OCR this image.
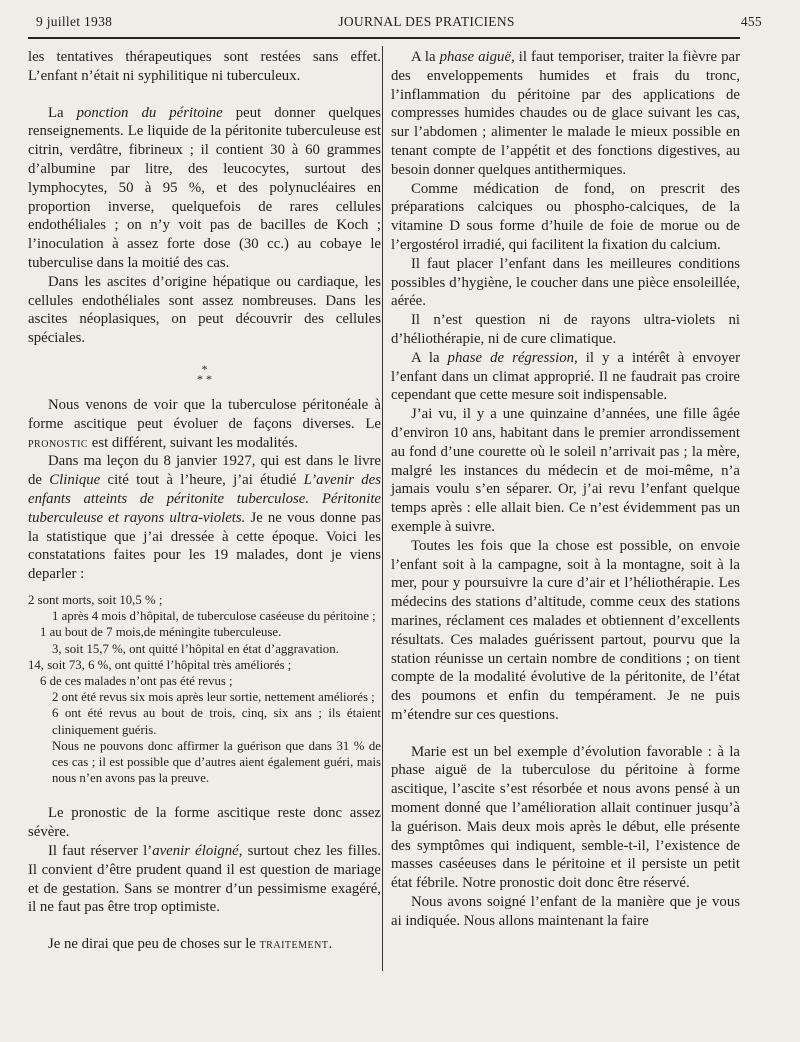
9 juillet 1938	JOURNAL DES PRATICIENS	455

les tentatives thérapeutiques sont restées sans effet. L’enfant n’était ni syphilitique ni tuberculeux.

La ponction du péritoine peut donner quelques renseignements. Le liquide de la péritonite tuberculeuse est citrin, verdâtre, fibrineux ; il contient 30 à 60 grammes d’albumine par litre, des leucocytes, surtout des lymphocytes, 50 à 95 %, et des polynucléaires en proportion inverse, quelquefois de rares cellules endothéliales ; on n’y voit pas de bacilles de Koch ; l’inoculation à assez forte dose (30 cc.) au cobaye le tuberculise dans la moitié des cas.

Dans les ascites d’origine hépatique ou cardiaque, les cellules endothéliales sont assez nombreuses. Dans les ascites néoplasiques, on peut découvrir des cellules spéciales.

*
* *

Nous venons de voir que la tuberculose péritonéale à forme ascitique peut évoluer de façons diverses. Le pronostic est différent, suivant les modalités.

Dans ma leçon du 8 janvier 1927, qui est dans le livre de Clinique cité tout à l’heure, j’ai étudié L’avenir des enfants atteints de péritonite tuberculose. Péritonite tuberculeuse et rayons ultra-violets. Je ne vous donne pas la statistique que j’ai dressée à cette époque. Voici les constatations faites pour les 19 malades, dont je viens deparler :

2 sont morts, soit 10,5 % ;

1 après 4 mois d’hôpital, de tuberculose caséeuse du péritoine ;

1 au bout de 7 mois,de méningite tuberculeuse.

3, soit 15,7 %, ont quitté l’hôpital en état d’aggravation.

14, soit 73, 6 %, ont quitté l’hôpital très améliorés ;

6 de ces malades n’ont pas été revus ;

2 ont été revus six mois après leur sortie, nettement améliorés ;

6 ont été revus au bout de trois, cinq, six ans ; ils étaient cliniquement guéris.

Nous ne pouvons donc affirmer la guérison que dans 31 % de ces cas ; il est possible que d’autres aient également guéri, mais nous n’en avons pas la preuve.

Le pronostic de la forme ascitique reste donc assez sévère.

Il faut réserver l’avenir éloigné, surtout chez les filles. Il convient d’être prudent quand il est question de mariage et de gestation. Sans se montrer d’un pessimisme exagéré, il ne faut pas être trop optimiste.

Je ne dirai que peu de choses sur le traitement.

A la phase aiguë, il faut temporiser, traiter la fièvre par des enveloppements humides et frais du tronc, l’inflammation du péritoine par des applications de compresses humides chaudes ou de glace suivant les cas, sur l’abdomen ; alimenter le malade le mieux possible en tenant compte de l’appétit et des fonctions digestives, au besoin donner quelques antithermiques.

Comme médication de fond, on prescrit des préparations calciques ou phospho-calciques, de la vitamine D sous forme d’huile de foie de morue ou de l’ergostérol irradié, qui facilitent la fixation du calcium.

Il faut placer l’enfant dans les meilleures conditions possibles d’hygiène, le coucher dans une pièce ensoleillée, aérée.

Il n’est question ni de rayons ultra-violets ni d’héliothérapie, ni de cure climatique.

A la phase de régression, il y a intérêt à envoyer l’enfant dans un climat approprié. Il ne faudrait pas croire cependant que cette mesure soit indispensable.

J’ai vu, il y a une quinzaine d’années, une fille âgée d’environ 10 ans, habitant dans le premier arrondissement au fond d’une courette où le soleil n’arrivait pas ; la mère, malgré les instances du médecin et de moi-même, n’a jamais voulu s’en séparer. Or, j’ai revu l’enfant quelque temps après : elle allait bien. Ce n’est évidemment pas un exemple à suivre.

Toutes les fois que la chose est possible, on envoie l’enfant soit à la campagne, soit à la montagne, soit à la mer, pour y poursuivre la cure d’air et l’héliothérapie. Les médecins des stations d’altitude, comme ceux des stations marines, réclament ces malades et obtiennent d’excellents résultats. Ces malades guérissent partout, pourvu que la station réunisse un certain nombre de conditions ; on tient compte de la modalité évolutive de la péritonite, de l’état des poumons et enfin du tempérament. Je ne puis m’étendre sur ces questions.

Marie est un bel exemple d’évolution favorable : à la phase aiguë de la tuberculose du péritoine à forme ascitique, l’ascite s’est résorbée et nous avons pensé à un moment donné que l’amélioration allait continuer jusqu’à la guérison. Mais deux mois après le début, elle présente des symptômes qui indiquent, semble-t-il, l’existence de masses caséeuses dans le péritoine et il persiste un petit état fébrile. Notre pronostic doit donc être réservé.

Nous avons soigné l’enfant de la manière que je vous ai indiquée. Nous allons maintenant la faire
